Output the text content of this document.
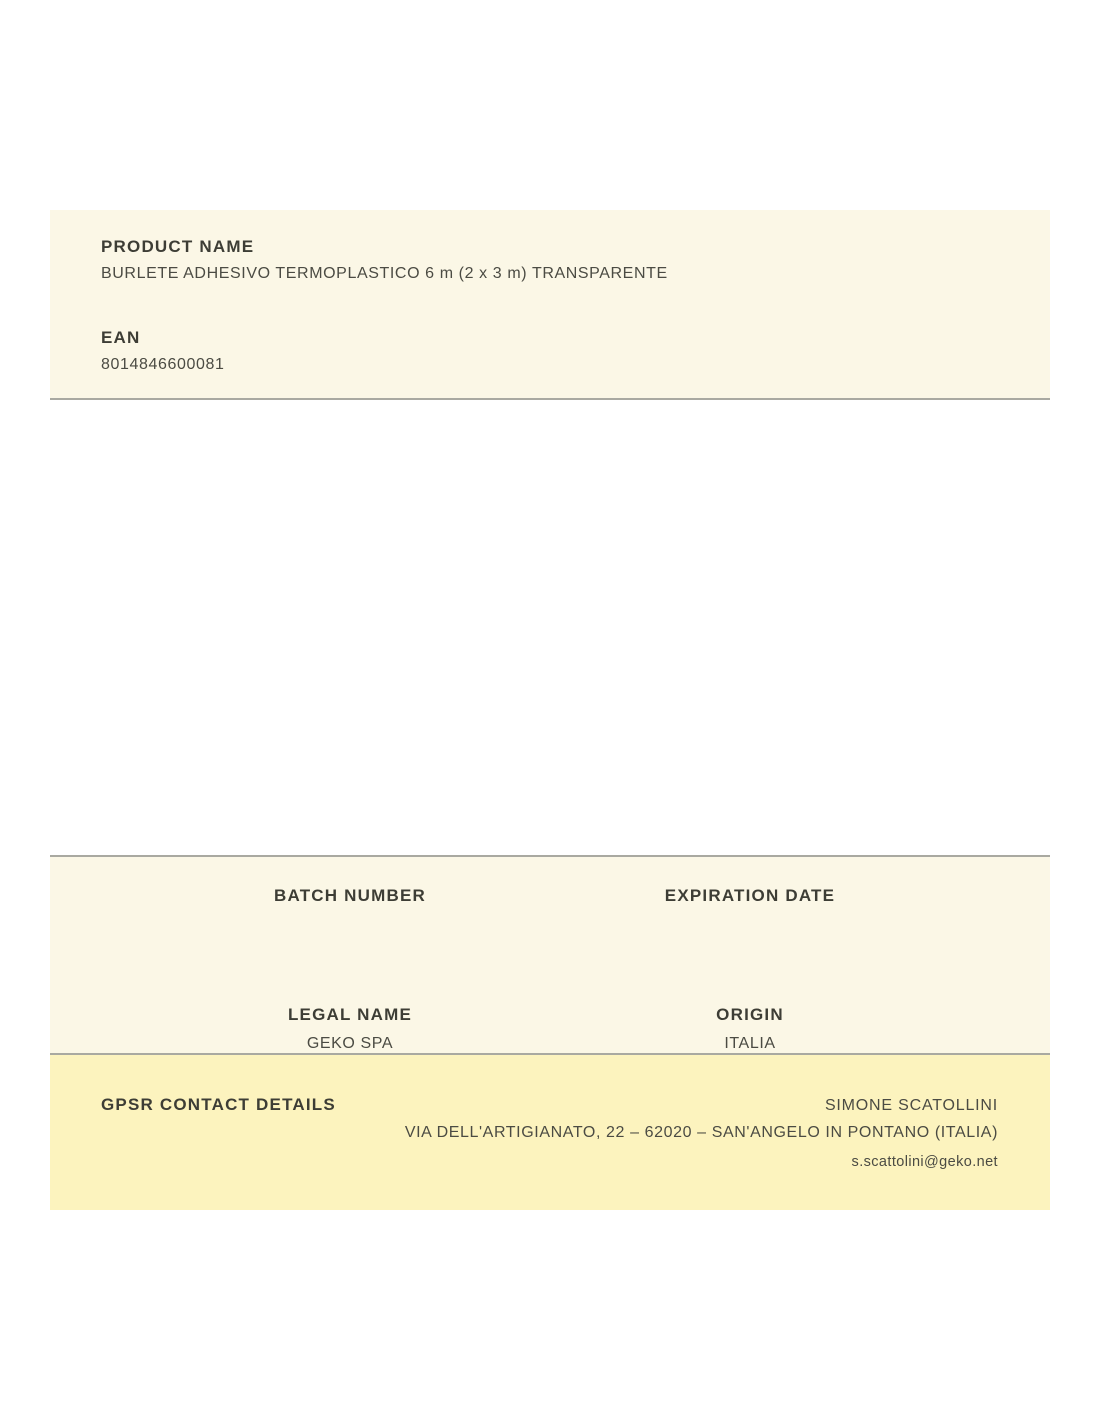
PRODUCT NAME
BURLETE ADHESIVO TERMOPLASTICO 6 m (2 x 3 m) TRANSPARENTE
EAN
8014846600081
BATCH NUMBER	EXPIRATION DATE
LEGAL NAME	ORIGIN
GEKO SPA	ITALIA
GPSR CONTACT DETAILS	SIMONE SCATOLLINI
VIA DELL'ARTIGIANATO, 22 – 62020 – SAN'ANGELO IN PONTANO (ITALIA)
s.scattolini@geko.net
